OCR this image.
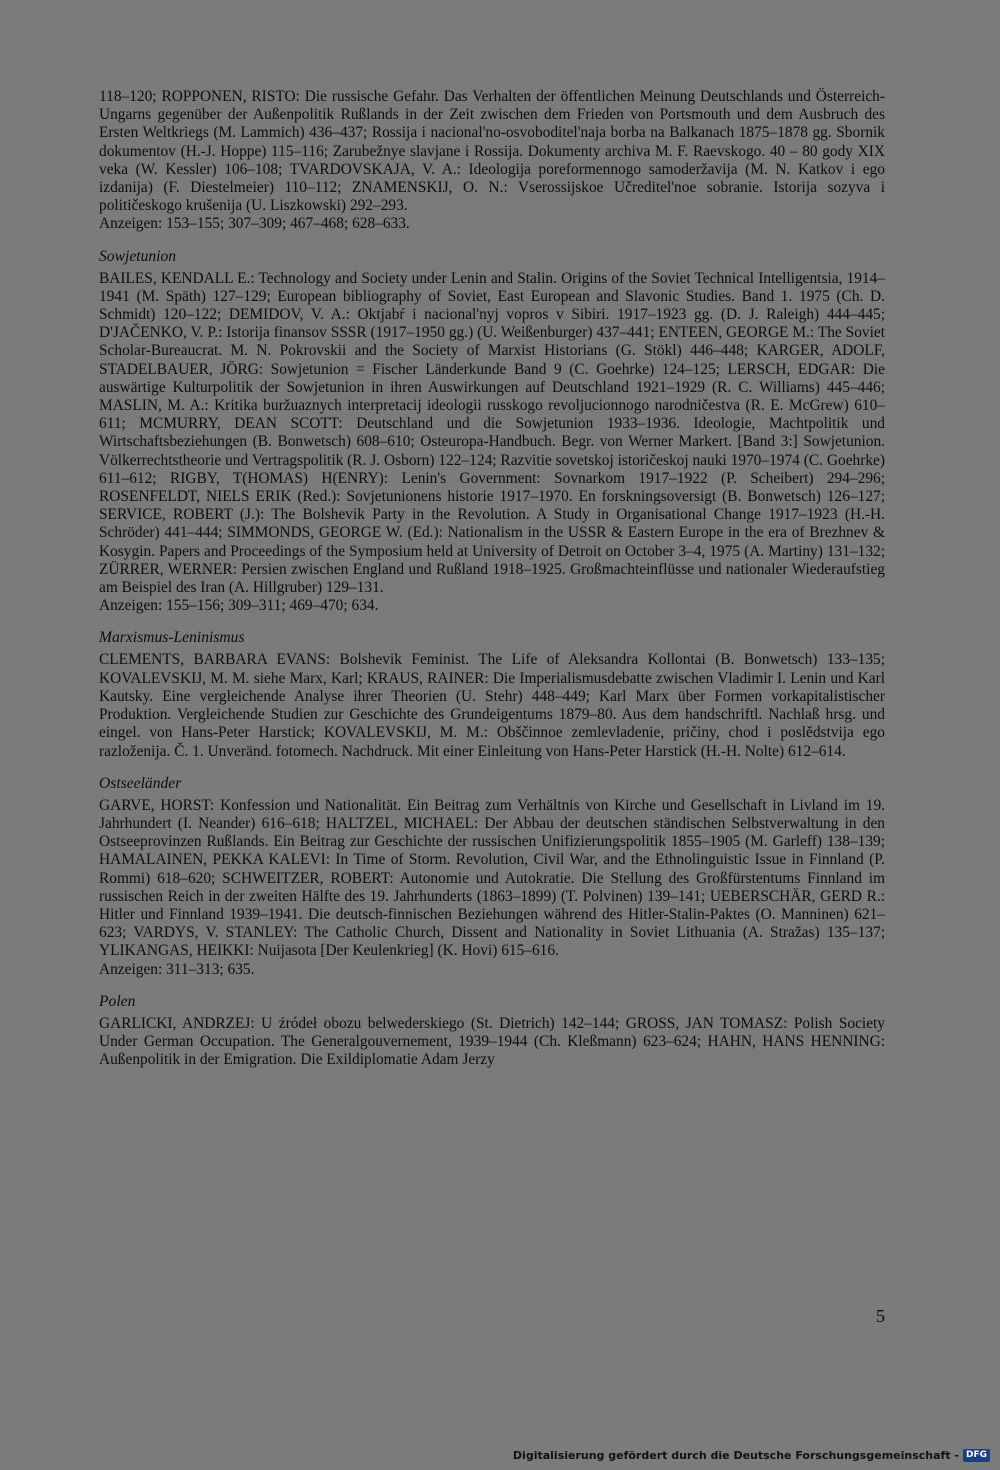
118–120; ROPPONEN, RISTO: Die russische Gefahr. Das Verhalten der öffentlichen Meinung Deutschlands und Österreich-Ungarns gegenüber der Außenpolitik Rußlands in der Zeit zwischen dem Frieden von Portsmouth und dem Ausbruch des Ersten Weltkriegs (M. Lammich) 436–437; Rossija i nacional'no-osvoboditel'naja borba na Balkanach 1875–1878 gg. Sbornik dokumentov (H.-J. Hoppe) 115–116; Zarubežnye slavjane i Rossija. Dokumenty archiva M. F. Raevskogo. 40 – 80 gody XIX veka (W. Kessler) 106–108; TVARDOVSKAJA, V. A.: Ideologija poreformennogo samoderžavija (M. N. Katkov i ego izdanija) (F. Diestelmeier) 110–112; ZNAMENSKIJ, O. N.: Vserossijskoe Učreditel'noe sobranie. Istorija sozyva i političeskogo krušenija (U. Liszkowski) 292–293.

Anzeigen: 153–155; 307–309; 467–468; 628–633.

Sowjetunion

BAILES, KENDALL E.: Technology and Society under Lenin and Stalin. Origins of the Soviet Technical Intelligentsia, 1914–1941 (M. Späth) 127–129; European bibliography of Soviet, East European and Slavonic Studies. Band 1. 1975 (Ch. D. Schmidt) 120–122; DEMIDOV, V. A.: Oktjabŕ i nacional'nyj vopros v Sibiri. 1917–1923 gg. (D. J. Raleigh) 444–445; D'JAČENKO, V. P.: Istorija finansov SSSR (1917–1950 gg.) (U. Weißenburger) 437–441; ENTEEN, GEORGE M.: The Soviet Scholar-Bureaucrat. M. N. Pokrovskii and the Society of Marxist Historians (G. Stökl) 446–448; KARGER, ADOLF, STADELBAUER, JÖRG: Sowjetunion = Fischer Länderkunde Band 9 (C. Goehrke) 124–125; LERSCH, EDGAR: Die auswärtige Kulturpolitik der Sowjetunion in ihren Auswirkungen auf Deutschland 1921–1929 (R. C. Williams) 445–446; MASLIN, M. A.: Kritika buržuaznych interpretacij ideologii russkogo revoljucionnogo narodničestva (R. E. McGrew) 610–611; MCMURRY, DEAN SCOTT: Deutschland und die Sowjetunion 1933–1936. Ideologie, Machtpolitik und Wirtschaftsbeziehungen (B. Bonwetsch) 608–610; Osteuropa-Handbuch. Begr. von Werner Markert. [Band 3:] Sowjetunion. Völkerrechtstheorie und Vertragspolitik (R. J. Osborn) 122–124; Razvitie sovetskoj istoričeskoj nauki 1970–1974 (C. Goehrke) 611–612; RIGBY, T(HOMAS) H(ENRY): Lenin's Government: Sovnarkom 1917–1922 (P. Scheibert) 294–296; ROSENFELDT, NIELS ERIK (Red.): Sovjetunionens historie 1917–1970. En forskningsoversigt (B. Bonwetsch) 126–127; SERVICE, ROBERT (J.): The Bolshevik Party in the Revolution. A Study in Organisational Change 1917–1923 (H.-H. Schröder) 441–444; SIMMONDS, GEORGE W. (Ed.): Nationalism in the USSR & Eastern Europe in the era of Brezhnev & Kosygin. Papers and Proceedings of the Symposium held at University of Detroit on October 3–4, 1975 (A. Martiny) 131–132; ZÜRRER, WERNER: Persien zwischen England und Rußland 1918–1925. Großmachteinflüsse und nationaler Wiederaufstieg am Beispiel des Iran (A. Hillgruber) 129–131.

Anzeigen: 155–156; 309–311; 469–470; 634.

Marxismus-Leninismus

CLEMENTS, BARBARA EVANS: Bolshevik Feminist. The Life of Aleksandra Kollontai (B. Bonwetsch) 133–135; KOVALEVSKIJ, M. M. siehe Marx, Karl; KRAUS, RAINER: Die Imperialismusdebatte zwischen Vladimir I. Lenin und Karl Kautsky. Eine vergleichende Analyse ihrer Theorien (U. Stehr) 448–449; Karl Marx über Formen vorkapitalistischer Produktion. Vergleichende Studien zur Geschichte des Grundeigentums 1879–80. Aus dem handschriftl. Nachlaß hrsg. und eingel. von Hans-Peter Harstick; KOVALEVSKIJ, M. M.: Obščinnoe zemlevladenie, pričiny, chod i poslědstvija ego razloženija. Č. 1. Unveränd. fotomech. Nachdruck. Mit einer Einleitung von Hans-Peter Harstick (H.-H. Nolte) 612–614.

Ostseeländer

GARVE, HORST: Konfession und Nationalität. Ein Beitrag zum Verhältnis von Kirche und Gesellschaft in Livland im 19. Jahrhundert (I. Neander) 616–618; HALTZEL, MICHAEL: Der Abbau der deutschen ständischen Selbstverwaltung in den Ostseeprovinzen Rußlands. Ein Beitrag zur Geschichte der russischen Unifizierungspolitik 1855–1905 (M. Garleff) 138–139; HAMALAINEN, PEKKA KALEVI: In Time of Storm. Revolution, Civil War, and the Ethnolinguistic Issue in Finnland (P. Rommi) 618–620; SCHWEITZER, ROBERT: Autonomie und Autokratie. Die Stellung des Großfürstentums Finnland im russischen Reich in der zweiten Hälfte des 19. Jahrhunderts (1863–1899) (T. Polvinen) 139–141; UEBERSCHÄR, GERD R.: Hitler und Finnland 1939–1941. Die deutsch-finnischen Beziehungen während des Hitler-Stalin-Paktes (O. Manninen) 621–623; VARDYS, V. STANLEY: The Catholic Church, Dissent and Nationality in Soviet Lithuania (A. Stražas) 135–137; YLIKANGAS, HEIKKI: Nuijasota [Der Keulenkrieg] (K. Hovi) 615–616.

Anzeigen: 311–313; 635.

Polen

GARLICKI, ANDRZEJ: U źródeł obozu belwederskiego (St. Dietrich) 142–144; GROSS, JAN TOMASZ: Polish Society Under German Occupation. The Generalgouvernement, 1939–1944 (Ch. Kleßmann) 623–624; HAHN, HANS HENNING: Außenpolitik in der Emigration. Die Exildiplomatie Adam Jerzy

5
Digitalisierung gefördert durch die Deutsche Forschungsgemeinschaft - DFG
